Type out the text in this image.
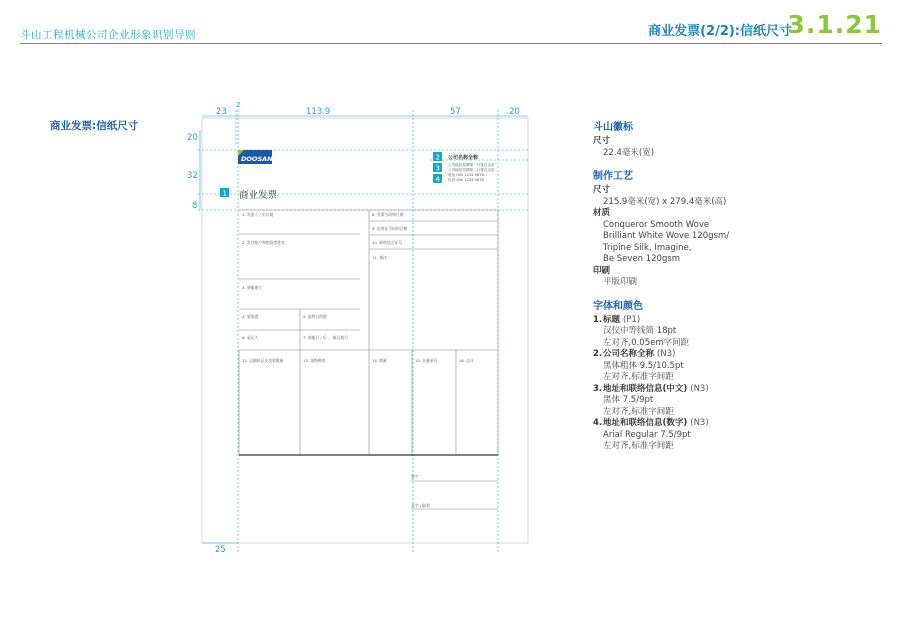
斗山工程机械公司企业形象识别导则	商业发票(2/2):信纸尺寸
3.1.21
商业发票:信纸尺寸
23
2
113.9	57	20
20
32
8
25
DOOSAN
1
2
3
4
公司名称全称
公司地址招牌第一行排在这里
公司地址招牌第二行排在这里
电话 000 1234 5678
传真 000 1234 5678
商业发票
1. 发货人 / 出口商
2. 发付账户和购货者姓名
3. 装船地方
4. 装货港	5. 最终目的港
6. 承运人	7. 装船日 / 后 ， 航运航行
8. 发票号码和日期
9. 信用证号码和日期
10. 联络语言证号
11. 备注
12. 运输标记及包装数量	13. 货物种类	14. 数量	15. 计量单位	16. 总计
签字
名字 / 职别
斗山徽标
尺寸
22.4毫米(宽)
制作工艺
尺寸
215.9毫米(宽) x 279.4毫米(高)
材质
Conqueror Smooth Wove
Brilliant White Wove 120gsm/
Tripine Silk, Imagine,
Be Seven 120gsm
印刷
平版印刷
字体和颜色
1.标题 (P1)
汉仪中等线简 18pt
左对齐,0.05em字间距
2.公司名称全称 (N3)
黑体粗体 9.5/10.5pt
左对齐,标准字间距
3.地址和联络信息(中文) (N3)
黑体 7.5/9pt
左对齐,标准字间距
4.地址和联络信息(数字) (N3)
Arial Regular 7.5/9pt
左对齐,标准字间距
